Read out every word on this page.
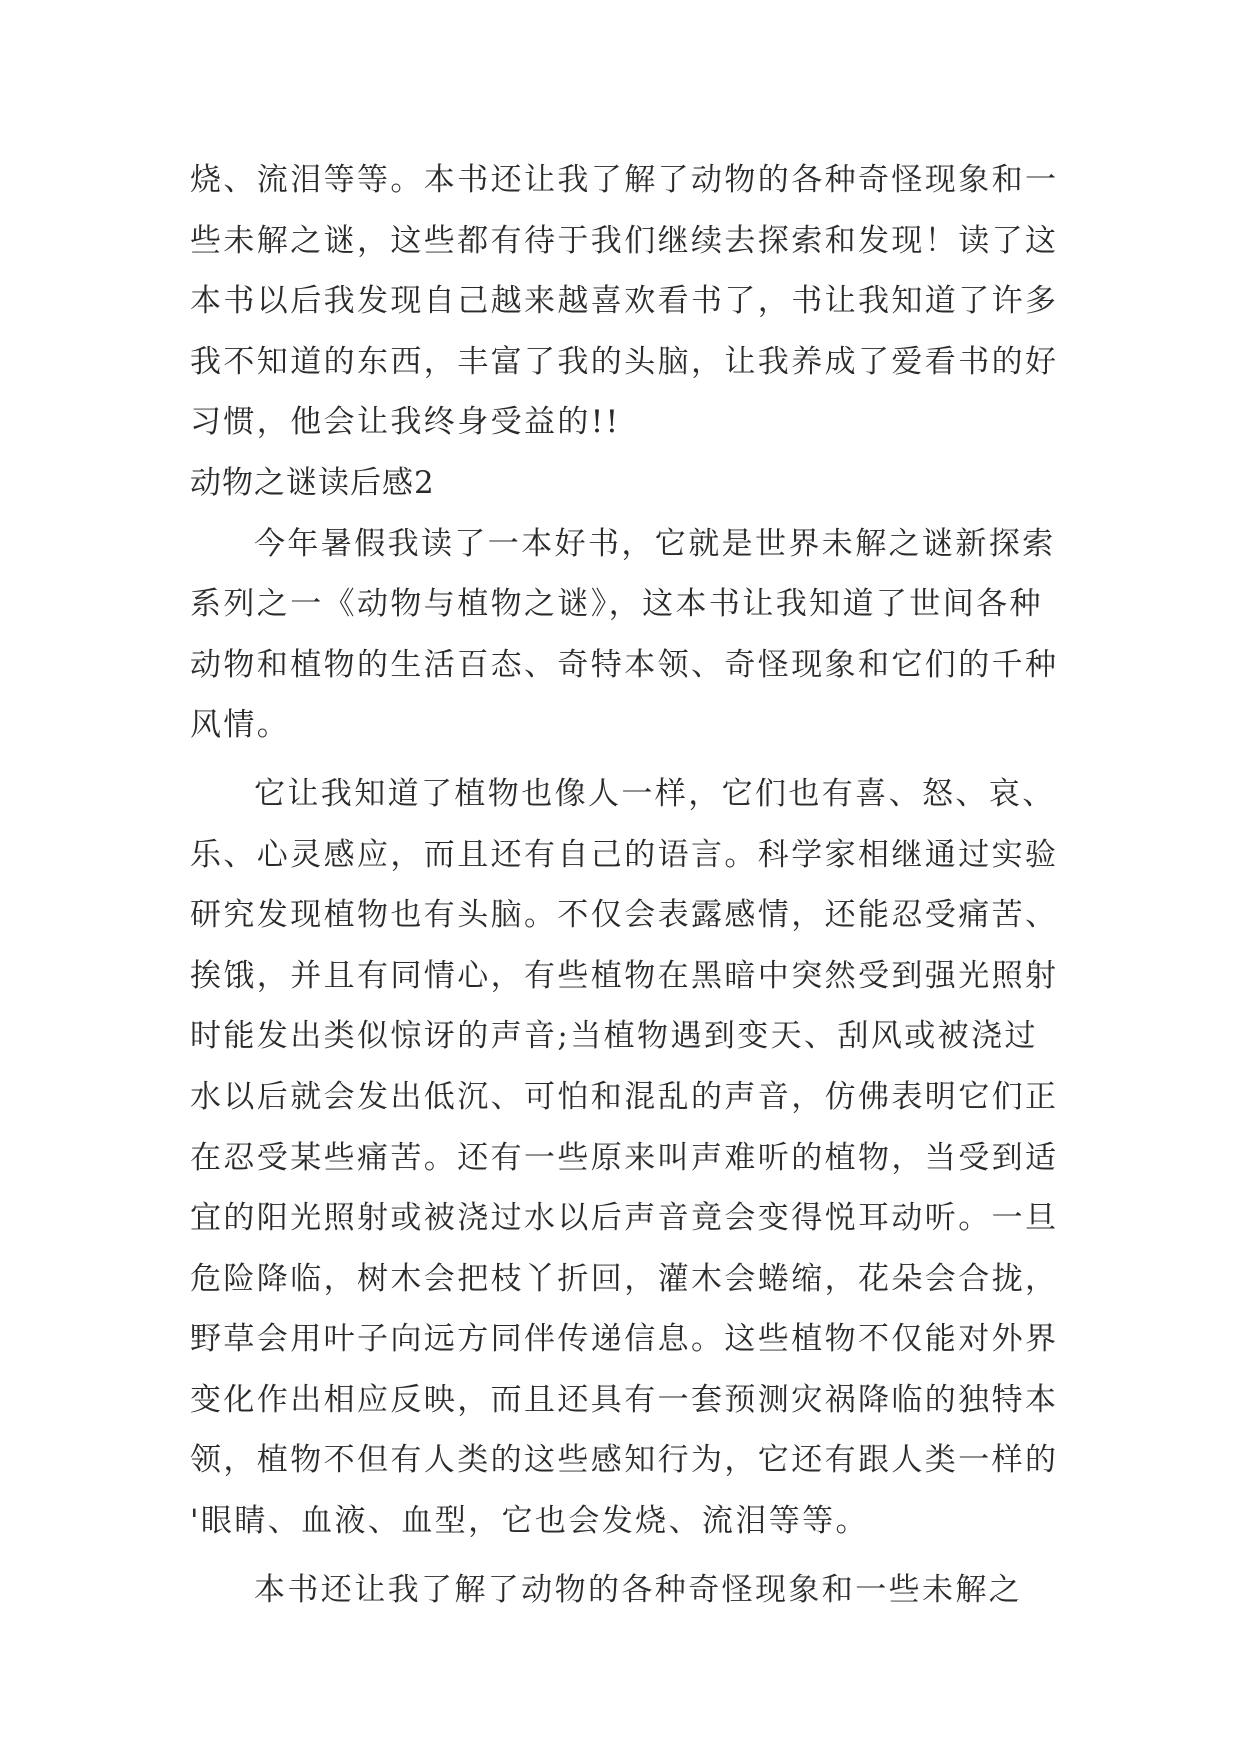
烧、流泪等等。本书还让我了解了动物的各种奇怪现象和一
些未解之谜，这些都有待于我们继续去探索和发现！读了这
本书以后我发现自己越来越喜欢看书了，书让我知道了许多
我不知道的东西，丰富了我的头脑，让我养成了爱看书的好
习惯，他会让我终身受益的!!
动物之谜读后感2
今年暑假我读了一本好书，它就是世界未解之谜新探索
系列之一《动物与植物之谜》，这本书让我知道了世间各种
动物和植物的生活百态、奇特本领、奇怪现象和它们的千种
风情。
它让我知道了植物也像人一样，它们也有喜、怒、哀、
乐、心灵感应，而且还有自己的语言。科学家相继通过实验
研究发现植物也有头脑。不仅会表露感情，还能忍受痛苦、
挨饿，并且有同情心，有些植物在黑暗中突然受到强光照射
时能发出类似惊讶的声音;当植物遇到变天、刮风或被浇过
水以后就会发出低沉、可怕和混乱的声音，仿佛表明它们正
在忍受某些痛苦。还有一些原来叫声难听的植物，当受到适
宜的阳光照射或被浇过水以后声音竟会变得悦耳动听。一旦
危险降临，树木会把枝丫折回，灌木会蜷缩，花朵会合拢，
野草会用叶子向远方同伴传递信息。这些植物不仅能对外界
变化作出相应反映，而且还具有一套预测灾祸降临的独特本
领，植物不但有人类的这些感知行为，它还有跟人类一样的
'眼睛、血液、血型，它也会发烧、流泪等等。
本书还让我了解了动物的各种奇怪现象和一些未解之
